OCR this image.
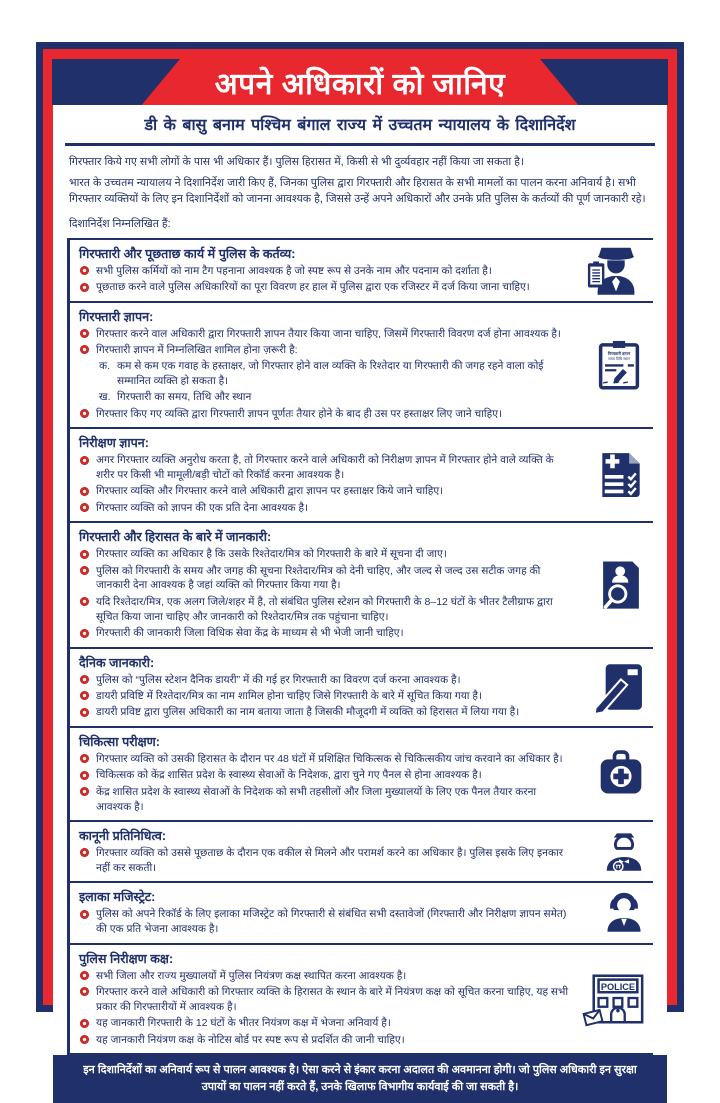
अपने अधिकारों को जानिए
डी के बासु बनाम पश्चिम बंगाल राज्य में उच्चतम न्यायालय के दिशानिर्देश

गिरफ्तार किये गए सभी लोगों के पास भी अधिकार हैं। पुलिस हिरासत में, किसी से भी दुर्व्यवहार नहीं किया जा सकता है।

भारत के उच्चतम न्यायालय ने दिशानिर्देश जारी किए हैं, जिनका पुलिस द्वारा गिरफ्तारी और हिरासत के सभी मामलों का पालन करना अनिवार्य है। सभी गिरफ्तार व्यक्तियों के लिए इन दिशानिर्देशों को जानना आवश्यक है, जिससे उन्हें अपने अधिकारों और उनके प्रति पुलिस के कर्तव्यों की पूर्ण जानकारी रहे।

दिशानिर्देश निम्नलिखित हैं:

गिरफ्तारी और पूछताछ कार्य में पुलिस के कर्तव्य:
सभी पुलिस कर्मियों को नाम टैग पहनाना आवश्यक है जो स्पष्ट रूप से उनके नाम और पदनाम को दर्शाता है।
पूछताछ करने वाले पुलिस अधिकारियों का पूरा विवरण हर हाल में पुलिस द्वारा एक रजिस्टर में दर्ज किया जाना चाहिए।
गिरफ्तारी ज्ञापन:
गिरफ्तार करने वाल अधिकारी द्वारा गिरफ्तारी ज्ञापन तैयार किया जाना चाहिए, जिसमें गिरफ्तारी विवरण दर्ज होना आवश्यक है।
गिरफ्तारी ज्ञापन में निम्नलिखित शामिल होना ज़रूरी है:
क. कम से कम एक गवाह के हस्ताक्षर, जो गिरफ्तार होने वाल व्यक्ति के रिश्तेदार या गिरफ्तारी की जगह रहने वाला कोई सम्मानित व्यक्ति हो सकता है।
ख. गिरफ्तारी का समय, तिथि और स्थान
गिरफ्तार किए गए व्यक्ति द्वारा गिरफ्तारी ज्ञापन पूर्णतः तैयार होने के बाद ही उस पर हस्ताक्षर लिए जाने चाहिए।
गिरफ्तारी ज्ञापन
समय तिथि स्थान
निरीक्षण ज्ञापन:
अगर गिरफ्तार व्यक्ति अनुरोध करता है, तो गिरफ्तार करने वाले अधिकारी को निरीक्षण ज्ञापन में गिरफ्तार होने वाले व्यक्ति के शरीर पर किसी भी मामूली/बड़ी चोटों को रिकॉर्ड करना आवश्यक है।
गिरफ्तार व्यक्ति और गिरफ्तार करने वाले अधिकारी द्वारा ज्ञापन पर हस्ताक्षर किये जाने चाहिए।
गिरफ्तार व्यक्ति को ज्ञापन की एक प्रति देना आवश्यक है।
गिरफ्तारी और हिरासत के बारे में जानकारी:
गिरफ्तार व्यक्ति का अधिकार है कि उसके रिश्तेदार/मित्र को गिरफ्तारी के बारे में सूचना दी जाए।
पुलिस को गिरफ्तारी के समय और जगह की सूचना रिश्तेदार/मित्र को देनी चाहिए, और जल्द से जल्द उस सटीक जगह की जानकारी देना आवश्यक है जहां व्यक्ति को गिरफ्तार किया गया है।
यदि रिश्तेदार/मित्र, एक अलग जिले/शहर में है, तो संबंधित पुलिस स्टेशन को गिरफ्तारी के 8–12 घंटों के भीतर टैलीग्राफ द्वारा सूचित किया जाना चाहिए और जानकारी को रिश्तेदार/मित्र तक पहुंचाना चाहिए।
गिरफ्तारी की जानकारी जिला विधिक सेवा केंद्र के माध्यम से भी भेजी जानी चाहिए।
दैनिक जानकारी:
पुलिस को “पुलिस स्टेशन दैनिक डायरी” में की गई हर गिरफ्तारी का विवरण दर्ज करना आवश्यक है।
डायरी प्रविष्टि में रिश्तेदार/मित्र का नाम शामिल होना चाहिए जिसे गिरफ्तारी के बारे में सूचित किया गया है।
डायरी प्रविष्ट द्वारा पुलिस अधिकारी का नाम बताया जाता है जिसकी मौजूदगी में व्यक्ति को हिरासत में लिया गया है।
चिकित्सा परीक्षण:
गिरफ्तार व्यक्ति को उसकी हिरासत के दौरान पर 48 घंटों में प्रशिक्षित चिकित्सक से चिकित्सकीय जांच करवाने का अधिकार है।
चिकित्सक को केंद्र शासित प्रदेश के स्वास्थ्य सेवाओं के निदेशक, द्वारा चुने गए पैनल से होना आवश्यक है।
केंद्र शासित प्रदेश के स्वास्थ्य सेवाओं के निदेशक को सभी तहसीलों और जिला मुख्यालयों के लिए एक पैनल तैयार करना आवश्यक है।
कानूनी प्रतिनिधित्व:
गिरफ्तार व्यक्ति को उससे पूछताछ के दौरान एक वकील से मिलने और परामर्श करने का अधिकार है। पुलिस इसके लिए इनकार नहीं कर सकती।
इलाका मजिस्ट्रेट:
पुलिस को अपने रिकॉर्ड के लिए इलाका मजिस्ट्रेट को गिरफ्तारी से संबंधित सभी दस्तावेजों (गिरफ्तारी और निरीक्षण ज्ञापन समेत) की एक प्रति भेजना आवश्यक है।
पुलिस निरीक्षण कक्ष:
सभी जिला और राज्य मुख्यालयों में पुलिस नियंत्रण कक्ष स्थापित करना आवश्यक है।
गिरफ्तार करने वाले अधिकारी को गिरफ्तार व्यक्ति के हिरासत के स्थान के बारे में नियंत्रण कक्ष को सूचित करना चाहिए, यह सभी प्रकार की गिरफ्तारीयों में आवश्यक है।
यह जानकारी गिरफ्तारी के 12 घंटों के भीतर नियंत्रण कक्ष में भेजना अनिवार्य है।
यह जानकारी नियंत्रण कक्ष के नोटिस बोर्ड पर स्पष्ट रूप से प्रदर्शित की जानी चाहिए।
POLICE
इन दिशानिर्देशों का अनिवार्य रूप से पालन आवश्यक है। ऐसा करने से इंकार करना अदालत की अवमानना होगी। जो पुलिस अधिकारी इन सुरक्षा उपायों का पालन नहीं करते हैं, उनके खिलाफ विभागीय कार्यवाई की जा सकती है।
